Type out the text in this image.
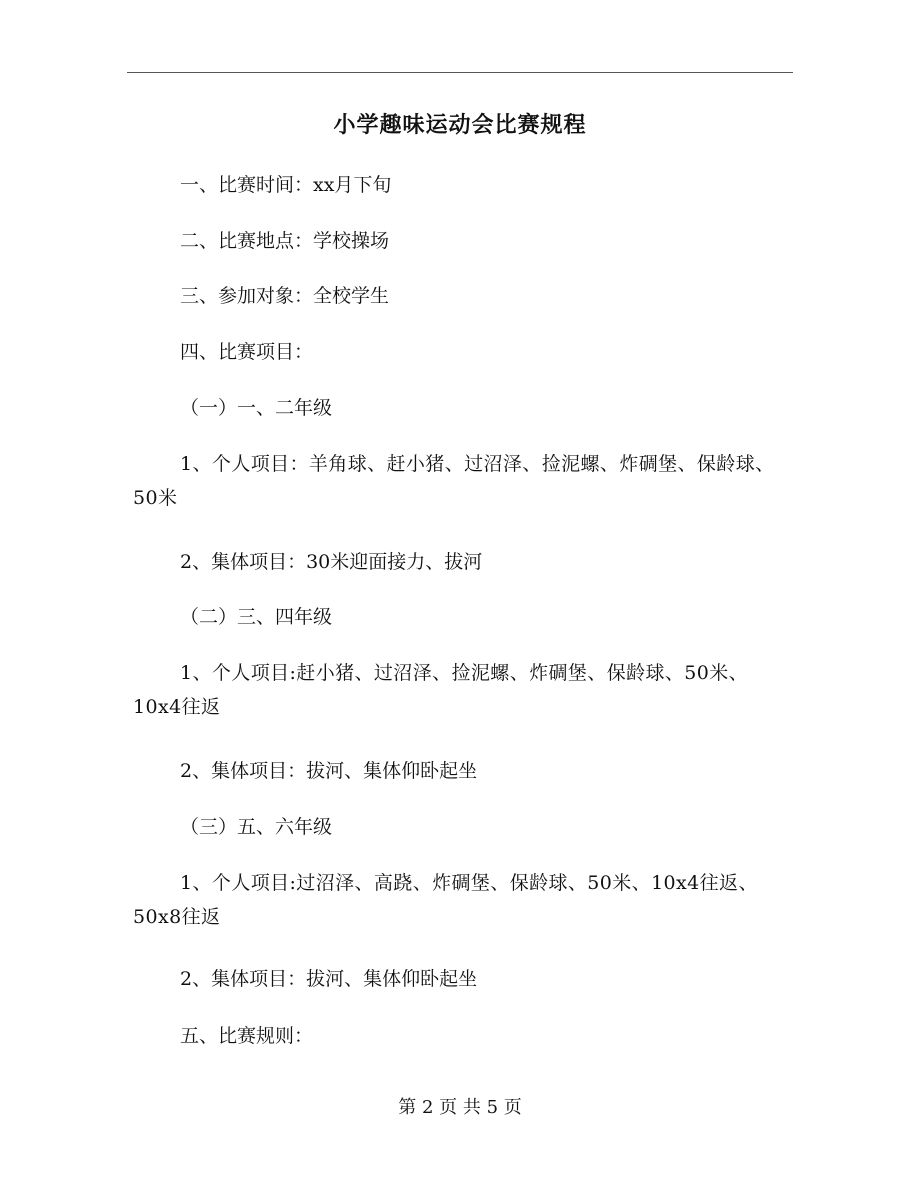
小学趣味运动会比赛规程
一、比赛时间：xx月下旬
二、比赛地点：学校操场
三、参加对象：全校学生
四、比赛项目：
（一）一、二年级
1、个人项目：羊角球、赶小猪、过沼泽、捡泥螺、炸碉堡、保龄球、50米
2、集体项目：30米迎面接力、拔河
（二）三、四年级
1、个人项目:赶小猪、过沼泽、捡泥螺、炸碉堡、保龄球、50米、10x4往返
2、集体项目：拔河、集体仰卧起坐
（三）五、六年级
1、个人项目:过沼泽、高跷、炸碉堡、保龄球、50米、10x4往返、50x8往返
2、集体项目：拔河、集体仰卧起坐
五、比赛规则：
第 2 页 共 5 页
